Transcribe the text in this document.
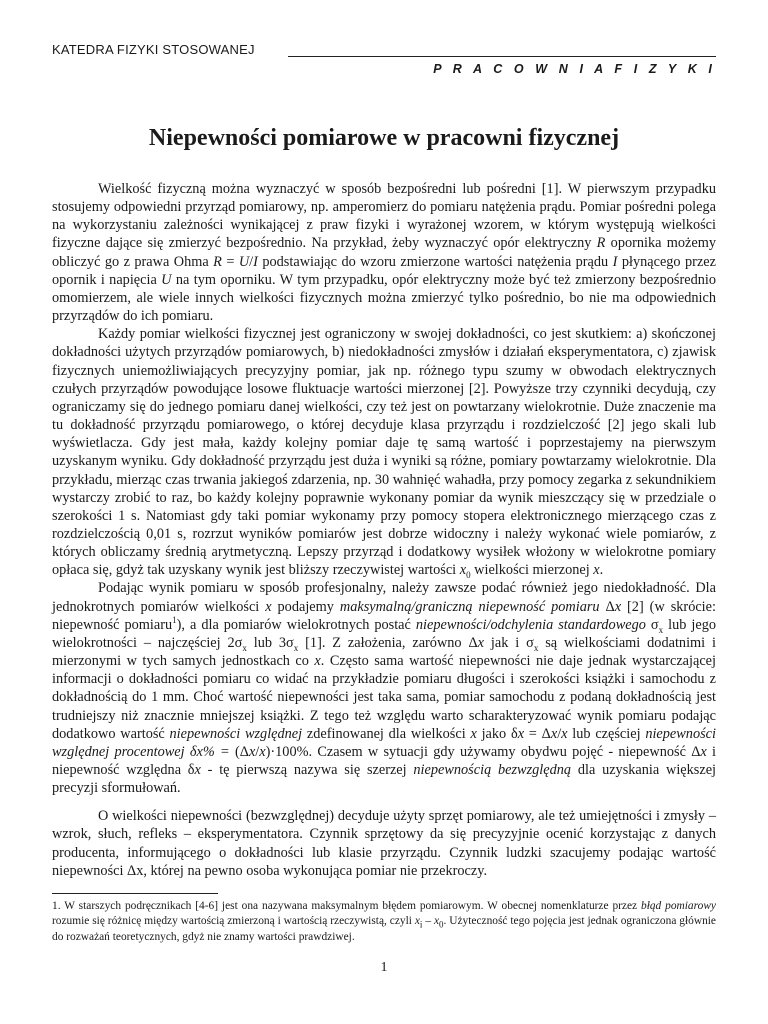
KATEDRA FIZYKI STOSOWANEJ
P R A C O W N I A F I Z Y K I
Niepewności pomiarowe w pracowni fizycznej

Wielkość fizyczną można wyznaczyć w sposób bezpośredni lub pośredni [1]. W pierwszym przypadku stosujemy odpowiedni przyrząd pomiarowy, np. amperomierz do pomiaru natężenia prądu. Pomiar pośredni polega na wykorzystaniu zależności wynikającej z praw fizyki i wyrażonej wzorem, w którym występują wielkości fizyczne dające się zmierzyć bezpośrednio. Na przykład, żeby wyznaczyć opór elektryczny R opornika możemy obliczyć go z prawa Ohma R = U/I podstawiając do wzoru zmierzone wartości natężenia prądu I płynącego przez opornik i napięcia U na tym oporniku. W tym przypadku, opór elektryczny może być też zmierzony bezpośrednio omomierzem, ale wiele innych wielkości fizycznych można zmierzyć tylko pośrednio, bo nie ma odpowiednich przyrządów do ich pomiaru.

Każdy pomiar wielkości fizycznej jest ograniczony w swojej dokładności, co jest skutkiem: a) skończonej dokładności użytych przyrządów pomiarowych, b) niedokładności zmysłów i działań eksperymentatora, c) zjawisk fizycznych uniemożliwiających precyzyjny pomiar, jak np. różnego typu szumy w obwodach elektrycznych czułych przyrządów powodujące losowe fluktuacje wartości mierzonej [2]. Powyższe trzy czynniki decydują, czy ograniczamy się do jednego pomiaru danej wielkości, czy też jest on powtarzany wielokrotnie. Duże znaczenie ma tu dokładność przyrządu pomiarowego, o której decyduje klasa przyrządu i rozdzielczość [2] jego skali lub wyświetlacza. Gdy jest mała, każdy kolejny pomiar daje tę samą wartość i poprzestajemy na pierwszym uzyskanym wyniku. Gdy dokładność przyrządu jest duża i wyniki są różne, pomiary powtarzamy wielokrotnie. Dla przykładu, mierząc czas trwania jakiegoś zdarzenia, np. 30 wahnięć wahadła, przy pomocy zegarka z sekundnikiem wystarczy zrobić to raz, bo każdy kolejny poprawnie wykonany pomiar da wynik mieszczący się w przedziale o szerokości 1 s. Natomiast gdy taki pomiar wykonamy przy pomocy stopera elektronicznego mierzącego czas z rozdzielczością 0,01 s, rozrzut wyników pomiarów jest dobrze widoczny i należy wykonać wiele pomiarów, z których obliczamy średnią arytmetyczną. Lepszy przyrząd i dodatkowy wysiłek włożony w wielokrotne pomiary opłaca się, gdyż tak uzyskany wynik jest bliższy rzeczywistej wartości $x_0$ wielkości mierzonej x.

Podając wynik pomiaru w sposób profesjonalny, należy zawsze podać również jego niedokładność. Dla jednokrotnych pomiarów wielkości x podajemy maksymalną/graniczną niepewność pomiaru Δx [2] (w skrócie: niepewność pomiaru$^1$), a dla pomiarów wielokrotnych postać niepewności/odchylenia standardowego $\sigma_x$ lub jego wielokrotności – najczęściej $2\sigma_x$ lub $3\sigma_x$ [1]. Z założenia, zarówno Δx jak i $\sigma_x$ są wielkościami dodatnimi i mierzonymi w tych samych jednostkach co x. Często sama wartość niepewności nie daje jednak wystarczającej informacji o dokładności pomiaru co widać na przykładzie pomiaru długości i szerokości książki i samochodu z dokładnością do 1 mm. Choć wartość niepewności jest taka sama, pomiar samochodu z podaną dokładnością jest trudniejszy niż znacznie mniejszej książki. Z tego też względu warto scharakteryzować wynik pomiaru podając dodatkowo wartość niepewności względnej zdefinowanej dla wielkości x jako δx = Δx/x lub częściej niepewności względnej procentowej δx% = (Δx/x)·100%. Czasem w sytuacji gdy używamy obydwu pojęć - niepewność Δx i niepewność względna δx - tę pierwszą nazywa się szerzej niepewnością bezwzględną dla uzyskania większej precyzji sformułowań.

O wielkości niepewności (bezwzględnej) decyduje użyty sprzęt pomiarowy, ale też umiejętności i zmysły – wzrok, słuch, refleks – eksperymentatora. Czynnik sprzętowy da się precyzyjnie ocenić korzystając z danych producenta, informującego o dokładności lub klasie przyrządu. Czynnik ludzki szacujemy podając wartość niepewności Δx, której na pewno osoba wykonująca pomiar nie przekroczy.

1. W starszych podręcznikach [4-6] jest ona nazywana maksymalnym błędem pomiarowym. W obecnej nomenklaturze przez błąd pomiarowy rozumie się różnicę między wartością zmierzoną i wartością rzeczywistą, czyli $x_i - x_0$. Użyteczność tego pojęcia jest jednak ograniczona głównie do rozważań teoretycznych, gdyż nie znamy wartości prawdziwej.

1
